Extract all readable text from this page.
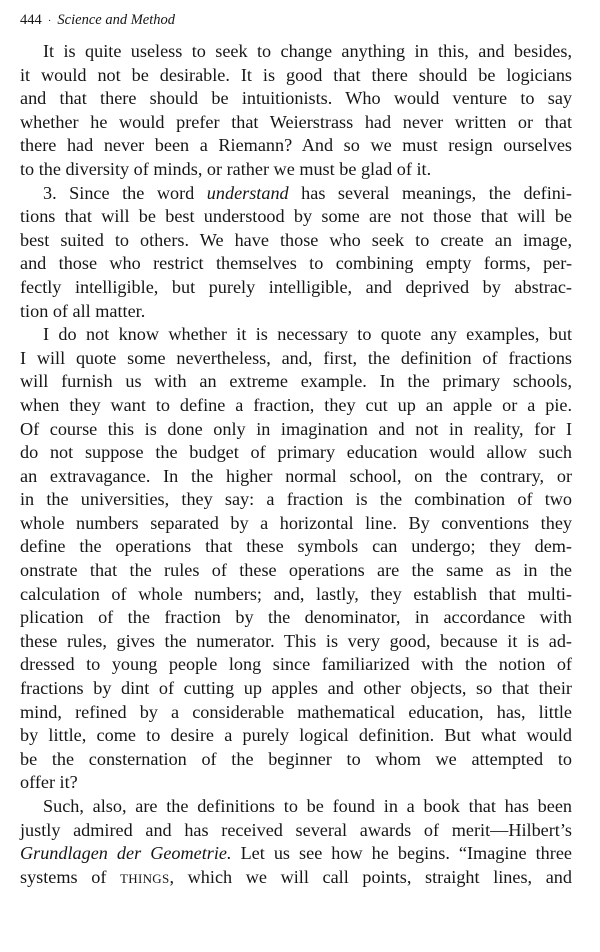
444 · Science and Method
It is quite useless to seek to change anything in this, and besides,
it would not be desirable. It is good that there should be logicians
and that there should be intuitionists. Who would venture to say
whether he would prefer that Weierstrass had never written or that
there had never been a Riemann? And so we must resign ourselves
to the diversity of minds, or rather we must be glad of it.
3. Since the word understand has several meanings, the defini-
tions that will be best understood by some are not those that will be
best suited to others. We have those who seek to create an image,
and those who restrict themselves to combining empty forms, per-
fectly intelligible, but purely intelligible, and deprived by abstrac-
tion of all matter.
I do not know whether it is necessary to quote any examples, but
I will quote some nevertheless, and, first, the definition of fractions
will furnish us with an extreme example. In the primary schools,
when they want to define a fraction, they cut up an apple or a pie.
Of course this is done only in imagination and not in reality, for I
do not suppose the budget of primary education would allow such
an extravagance. In the higher normal school, on the contrary, or
in the universities, they say: a fraction is the combination of two
whole numbers separated by a horizontal line. By conventions they
define the operations that these symbols can undergo; they dem-
onstrate that the rules of these operations are the same as in the
calculation of whole numbers; and, lastly, they establish that multi-
plication of the fraction by the denominator, in accordance with
these rules, gives the numerator. This is very good, because it is ad-
dressed to young people long since familiarized with the notion of
fractions by dint of cutting up apples and other objects, so that their
mind, refined by a considerable mathematical education, has, little
by little, come to desire a purely logical definition. But what would
be the consternation of the beginner to whom we attempted to
offer it?
Such, also, are the definitions to be found in a book that has been
justly admired and has received several awards of merit—Hilbert’s
Grundlagen der Geometrie. Let us see how he begins. “Imagine three
systems of things, which we will call points, straight lines, and
